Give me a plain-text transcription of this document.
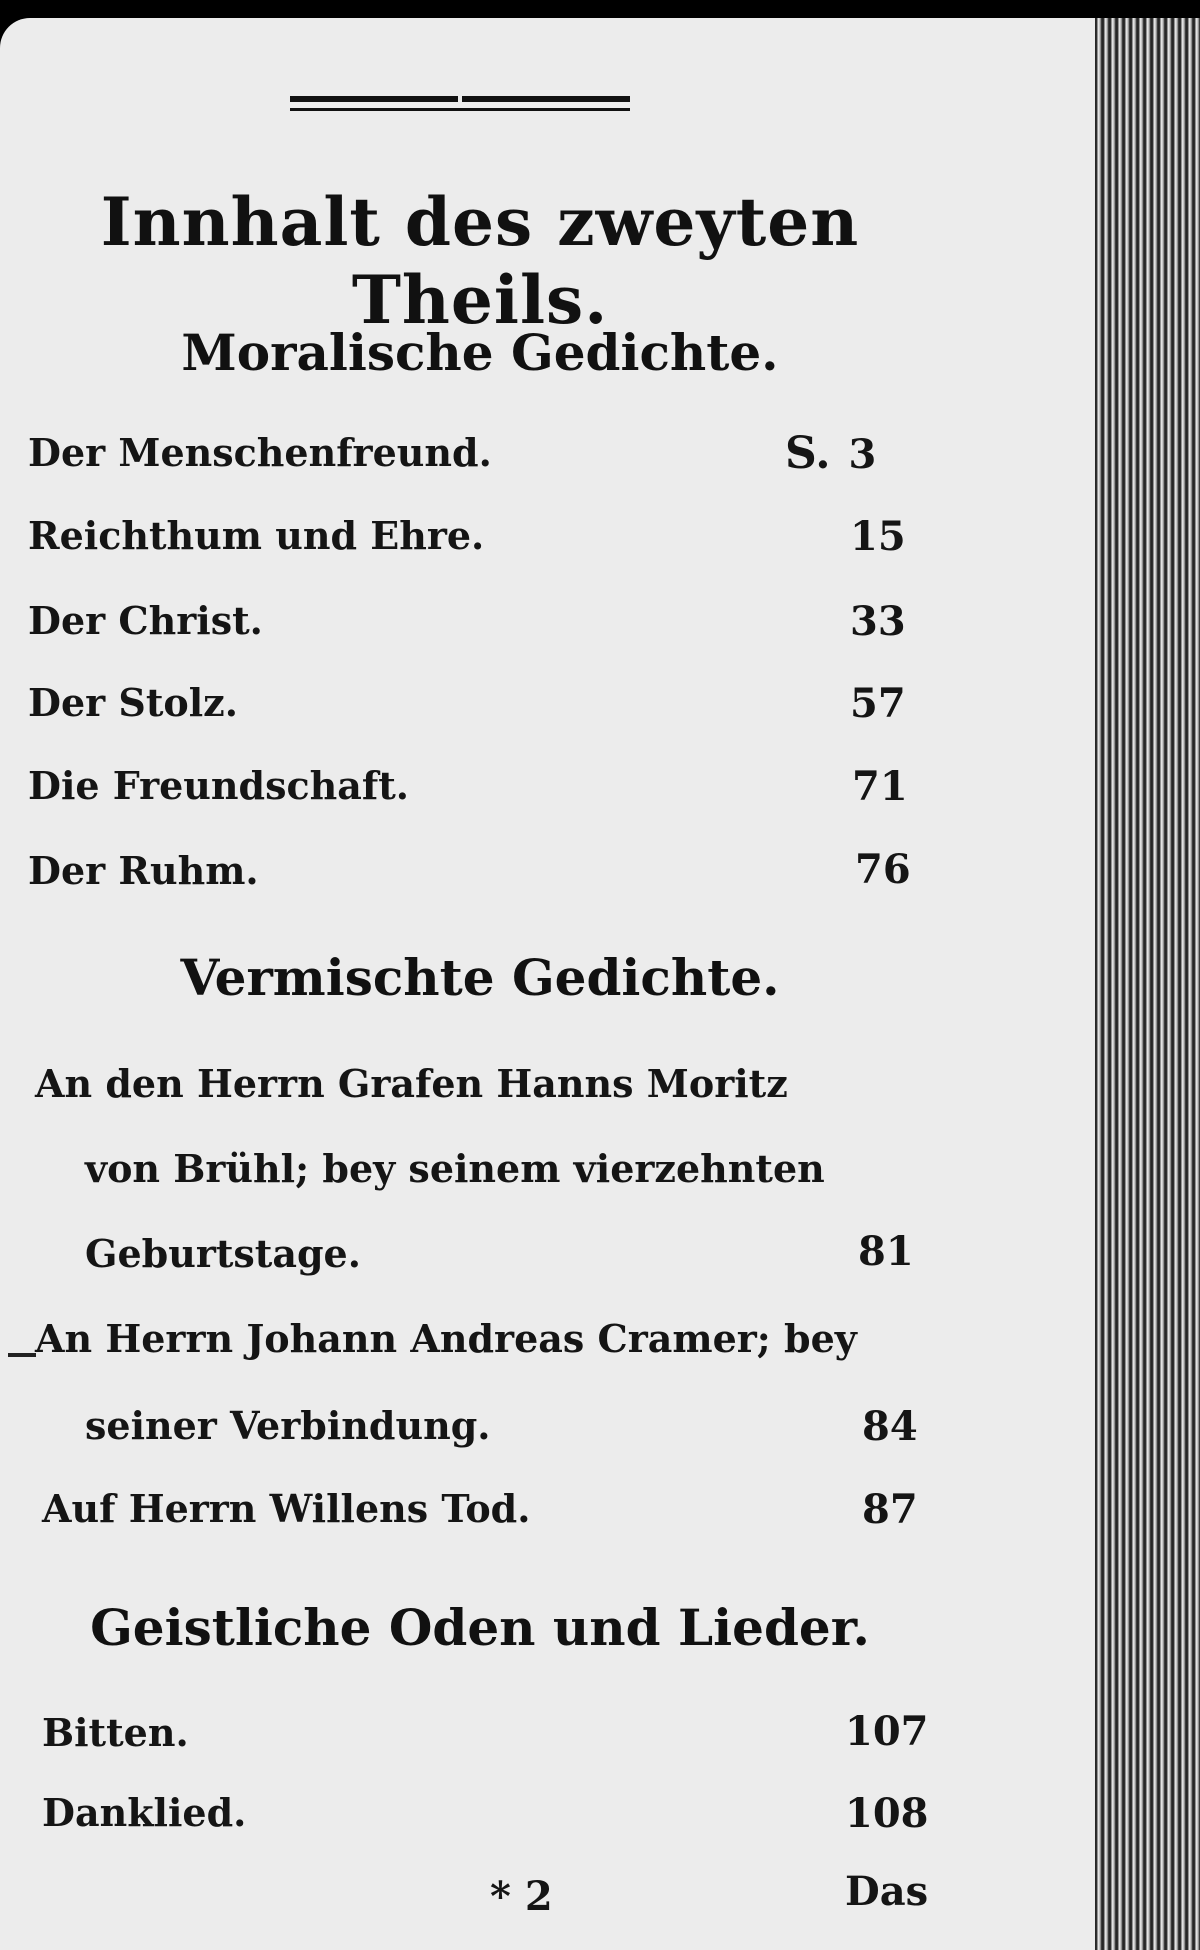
Innhalt des zweyten Theils.
Moralische Gedichte.
Der Menschenfreund.	S. 3
Reichthum und Ehre.	15
Der Christ.	33
Der Stolz.	57
Die Freundschaft.	71
Der Ruhm.	76
Vermischte Gedichte.
An den Herrn Grafen Hanns Moritz
von Brühl; bey seinem vierzehnten
Geburtstage.	81
An Herrn Johann Andreas Cramer; bey
seiner Verbindung.	84
Auf Herrn Willens Tod.	87
Geistliche Oden und Lieder.
Bitten.	107
Danklied.	108
* 2	Das
